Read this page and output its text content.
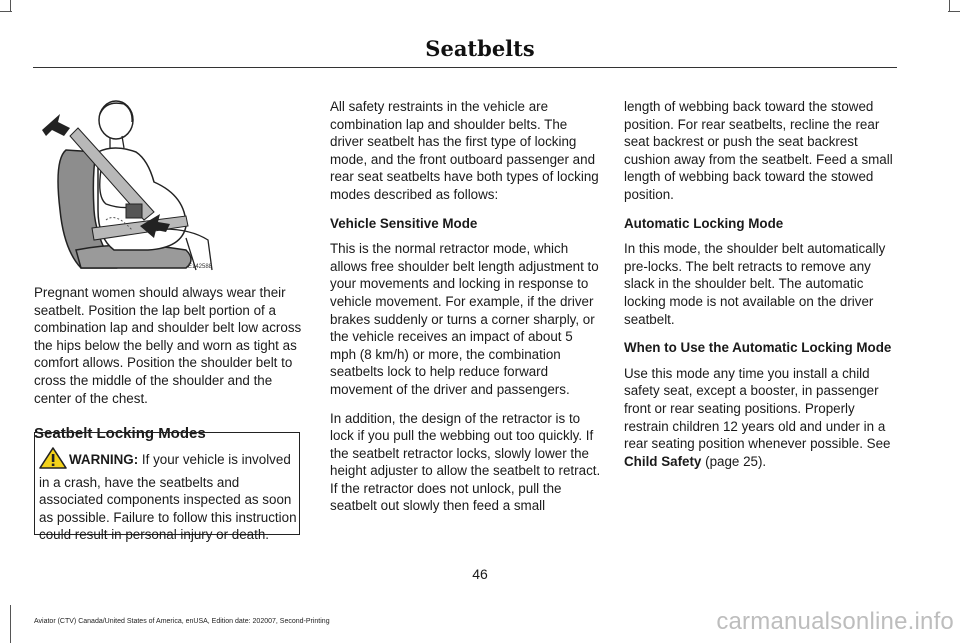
Seatbelts
E142588

Pregnant women should always wear their seatbelt. Position the lap belt portion of a combination lap and shoulder belt low across the hips below the belly and worn as tight as comfort allows. Position the shoulder belt to cross the middle of the shoulder and the center of the chest.

Seatbelt Locking Modes

WARNING: If your vehicle is involved in a crash, have the seatbelts and associated components inspected as soon as possible. Failure to follow this instruction could result in personal injury or death.

All safety restraints in the vehicle are combination lap and shoulder belts. The driver seatbelt has the first type of locking mode, and the front outboard passenger and rear seat seatbelts have both types of locking modes described as follows:

Vehicle Sensitive Mode

This is the normal retractor mode, which allows free shoulder belt length adjustment to your movements and locking in response to vehicle movement. For example, if the driver brakes suddenly or turns a corner sharply, or the vehicle receives an impact of about 5 mph (8 km/h) or more, the combination seatbelts lock to help reduce forward movement of the driver and passengers.

In addition, the design of the retractor is to lock if you pull the webbing out too quickly. If the seatbelt retractor locks, slowly lower the height adjuster to allow the seatbelt to retract. If the retractor does not unlock, pull the seatbelt out slowly then feed a small

length of webbing back toward the stowed position. For rear seatbelts, recline the rear seat backrest or push the seat backrest cushion away from the seatbelt. Feed a small length of webbing back toward the stowed position.

Automatic Locking Mode

In this mode, the shoulder belt automatically pre-locks. The belt retracts to remove any slack in the shoulder belt. The automatic locking mode is not available on the driver seatbelt.

When to Use the Automatic Locking Mode

Use this mode any time you install a child safety seat, except a booster, in passenger front or rear seating positions. Properly restrain children 12 years old and under in a rear seating position whenever possible. See Child Safety (page 25).

46
Aviator (CTV) Canada/United States of America, enUSA, Edition date: 202007, Second-Printing	carmanualsonline.info
